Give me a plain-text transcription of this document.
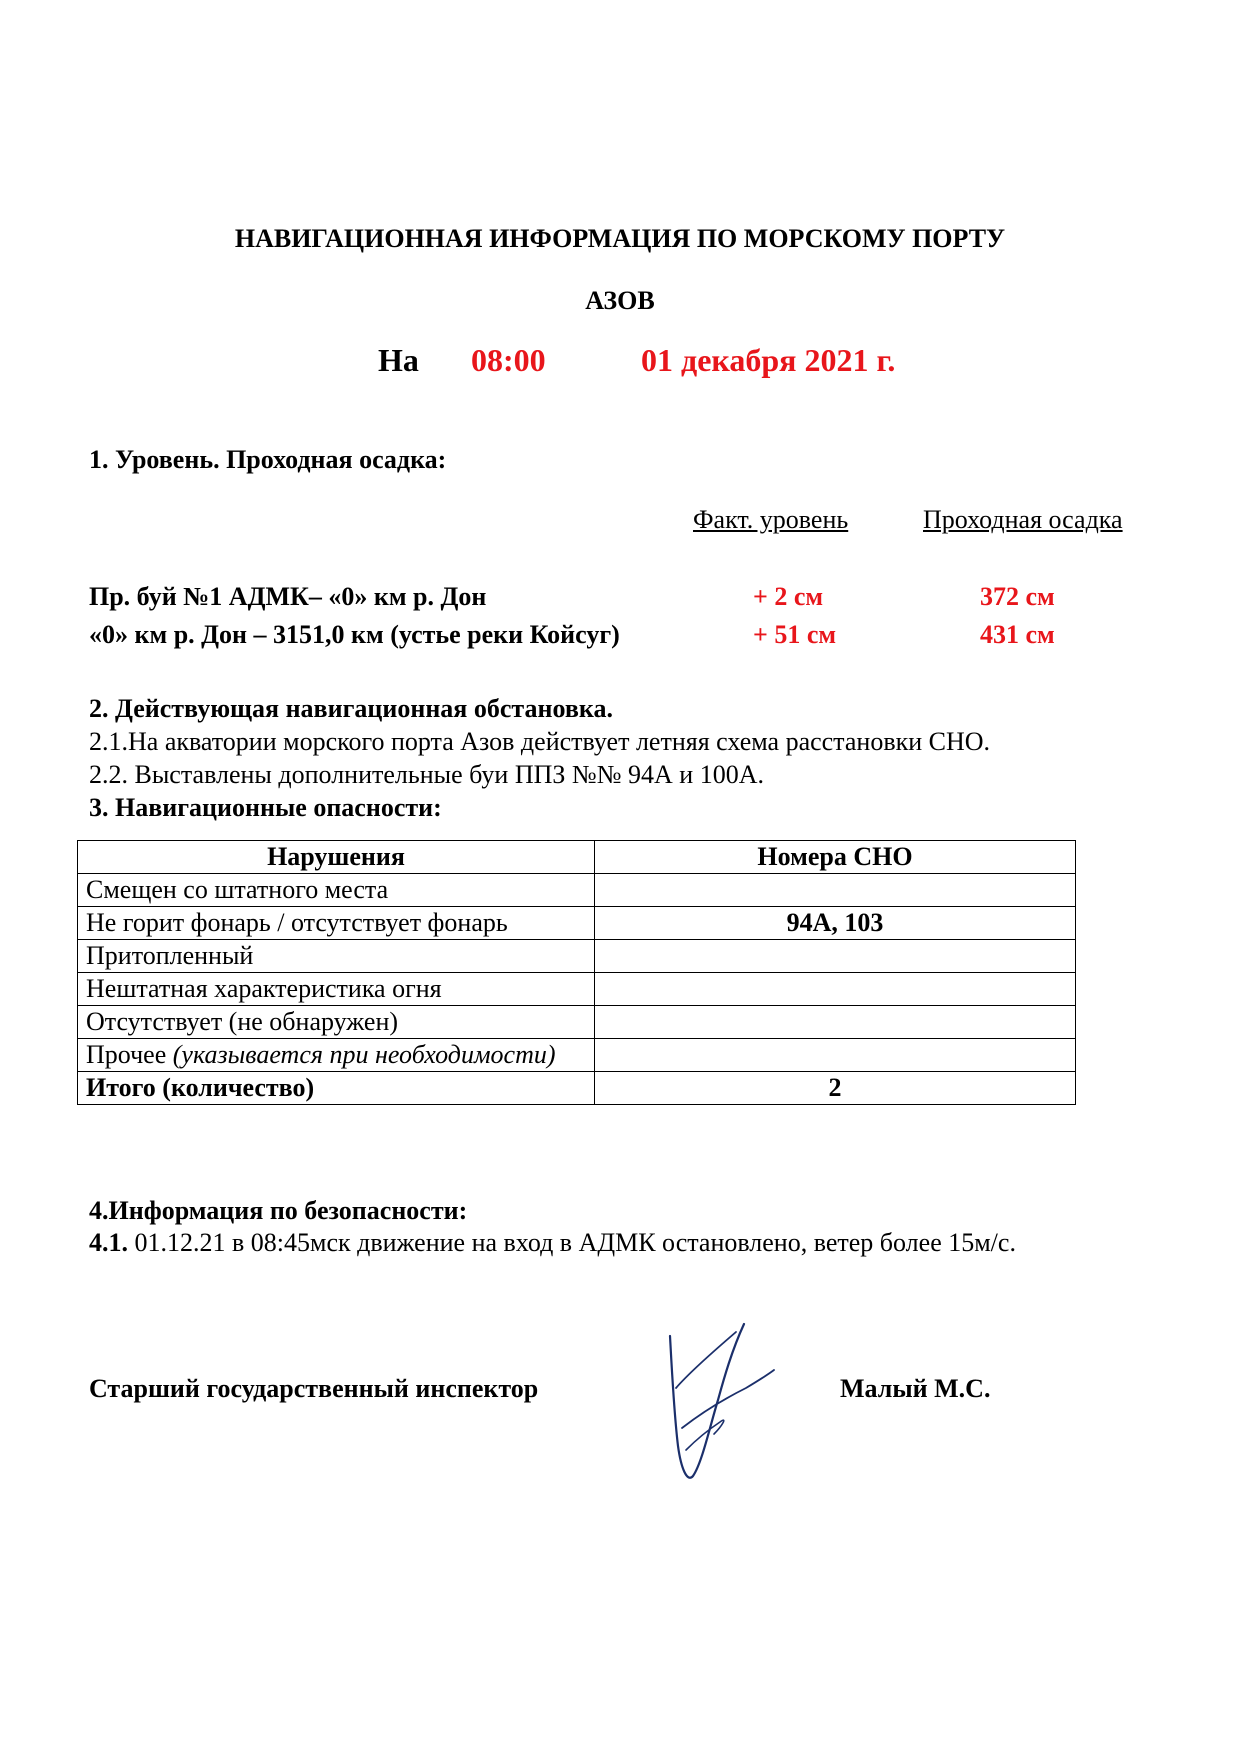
НАВИГАЦИОННАЯ ИНФОРМАЦИЯ ПО МОРСКОМУ ПОРТУ
АЗОВ
На 08:00	01 декабря 2021 г.
1. Уровень. Проходная осадка:
Факт. уровень	Проходная осадка
Пр. буй №1 АДМК– «0» км р. Дон	+ 2 см	372 см
«0» км р. Дон – 3151,0 км (устье реки Койсуг)	+ 51 см	431 см
2. Действующая навигационная обстановка.
2.1.На акватории морского порта Азов действует летняя схема расстановки СНО.
2.2. Выставлены дополнительные буи ППЗ №№ 94А и 100А.
3. Навигационные опасности:
Нарушения	Номера СНО
Смещен со штатного места	
Не горит фонарь / отсутствует фонарь	94А, 103
Притопленный	
Нештатная характеристика огня	
Отсутствует (не обнаружен)	
Прочее (указывается при необходимости)	
Итого (количество)	2
4.Информация по безопасности:
4.1. 01.12.21 в 08:45мск движение на вход в АДМК остановлено, ветер более 15м/с.
Старший государственный инспектор	Малый М.С.
